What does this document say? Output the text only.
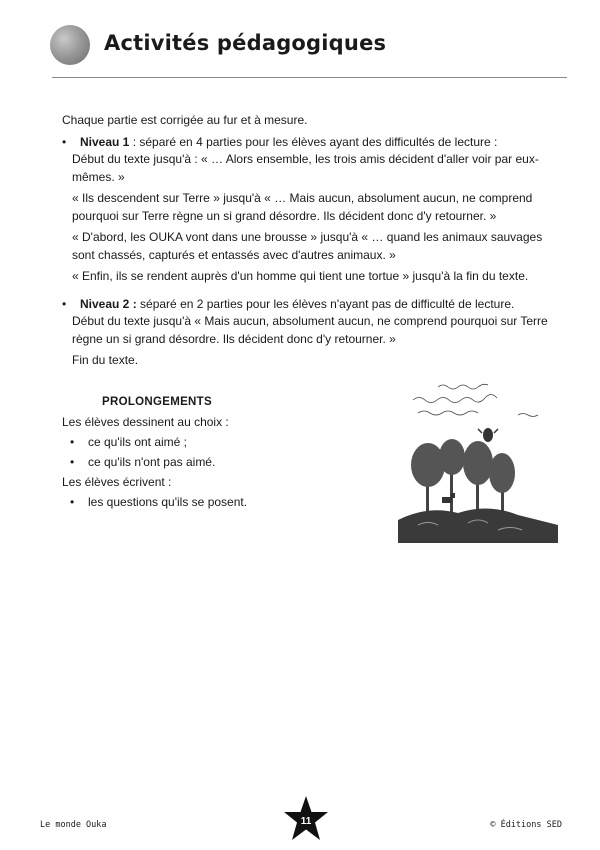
Activités pédagogiques

Chaque partie est corrigée au fur et à mesure.

•	Niveau 1 : séparé en 4 parties pour les élèves ayant des difficultés de lecture :

Début du texte jusqu'à : « … Alors ensemble, les trois amis décident d'aller voir par eux-mêmes. »

« Ils descendent sur Terre » jusqu'à « … Mais aucun, absolument aucun, ne comprend pourquoi sur Terre règne un si grand désordre. Ils décident donc d'y retourner. »

« D'abord, les OUKA vont dans une brousse » jusqu'à « … quand les animaux sauvages sont chassés, capturés et entassés avec d'autres animaux. »

« Enfin, ils se rendent auprès d'un homme qui tient une tortue » jusqu'à la fin du texte.

•	Niveau 2 : séparé en 2 parties pour les élèves n'ayant pas de difficulté de lecture.

Début du texte jusqu'à « Mais aucun, absolument aucun, ne comprend pourquoi sur Terre règne un si grand désordre. Ils décident donc d'y retourner. »

Fin du texte.

PROLONGEMENTS

Les élèves dessinent au choix :

•	ce qu'ils ont aimé ;
•	ce qu'ils n'ont pas aimé.

Les élèves écrivent :

•	les questions qu'ils se posent.
Le monde Ouka	11	© Éditions SED
